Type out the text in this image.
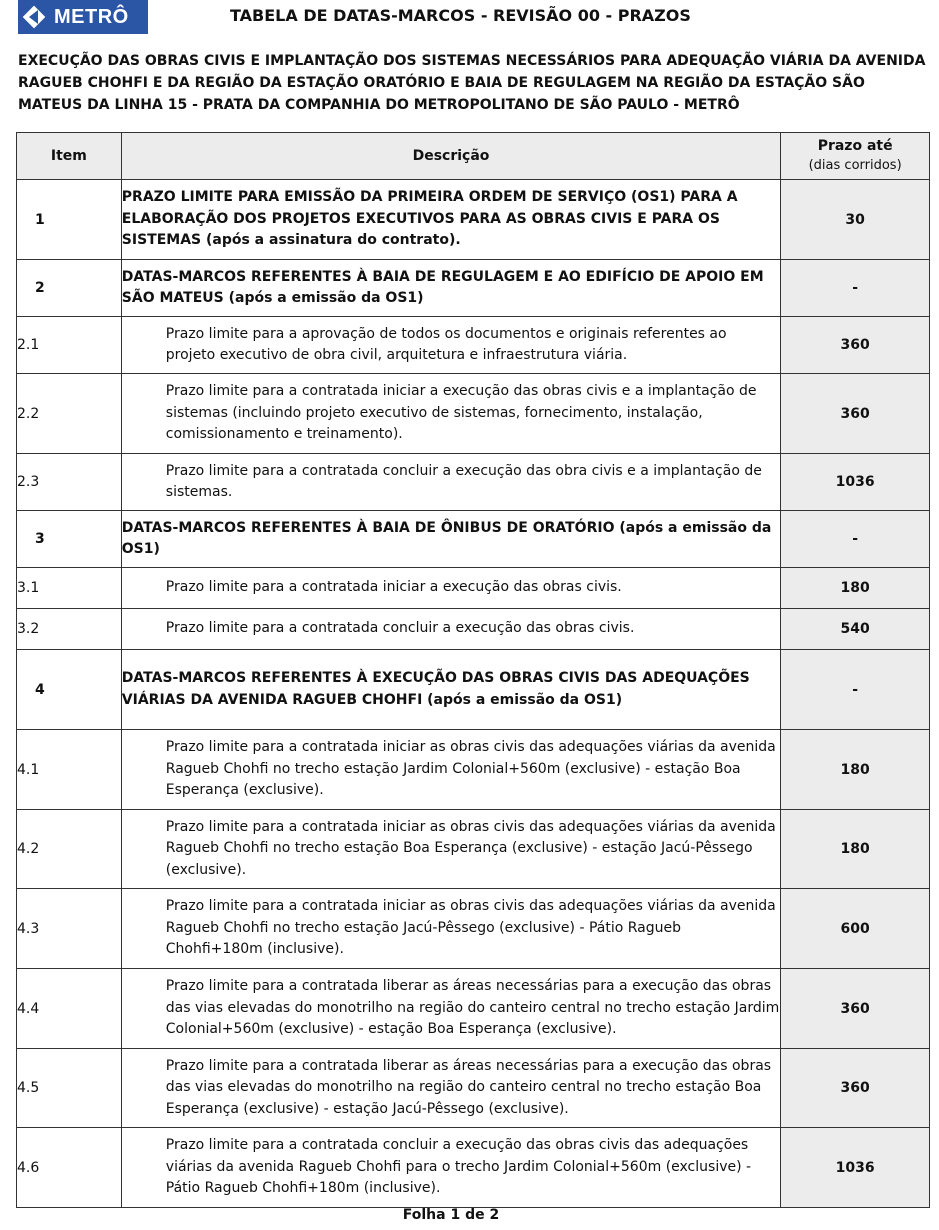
METRÔ	TABELA DE DATAS-MARCOS - REVISÃO 00 - PRAZOS
EXECUÇÃO DAS OBRAS CIVIS E IMPLANTAÇÃO DOS SISTEMAS NECESSÁRIOS PARA ADEQUAÇÃO VIÁRIA DA AVENIDA RAGUEB CHOHFI E DA REGIÃO DA ESTAÇÃO ORATÓRIO E BAIA DE REGULAGEM NA REGIÃO DA ESTAÇÃO SÃO MATEUS DA LINHA 15 - PRATA DA COMPANHIA DO METROPOLITANO DE SÃO PAULO - METRÔ
Item	Descrição	Prazo até
(dias corridos)

1	PRAZO LIMITE PARA EMISSÃO DA PRIMEIRA ORDEM DE SERVIÇO (OS1) PARA A ELABORAÇÃO DOS PROJETOS EXECUTIVOS PARA AS OBRAS CIVIS E PARA OS SISTEMAS (após a assinatura do contrato).	30
2	DATAS-MARCOS REFERENTES À BAIA DE REGULAGEM E AO EDIFÍCIO DE APOIO EM SÃO MATEUS (após a emissão da OS1)	-
2.1	Prazo limite para a aprovação de todos os documentos e originais referentes ao projeto executivo de obra civil, arquitetura e infraestrutura viária.	360
2.2	Prazo limite para a contratada iniciar a execução das obras civis e a implantação de sistemas (incluindo projeto executivo de sistemas, fornecimento, instalação, comissionamento e treinamento).	360
2.3	Prazo limite para a contratada concluir a execução das obra civis e a implantação de sistemas.	1036
3	DATAS-MARCOS REFERENTES À BAIA DE ÔNIBUS DE ORATÓRIO (após a emissão da OS1)	-
3.1	Prazo limite para a contratada iniciar a execução das obras civis.	180
3.2	Prazo limite para a contratada concluir a execução das obras civis.	540
4	DATAS-MARCOS REFERENTES À EXECUÇÃO DAS OBRAS CIVIS DAS ADEQUAÇÕES VIÁRIAS DA AVENIDA RAGUEB CHOHFI (após a emissão da OS1)	-
4.1	Prazo limite para a contratada iniciar as obras civis das adequações viárias da avenida Ragueb Chohfi no trecho estação Jardim Colonial+560m (exclusive) - estação Boa Esperança (exclusive).	180
4.2	Prazo limite para a contratada iniciar as obras civis das adequações viárias da avenida Ragueb Chohfi no trecho estação Boa Esperança (exclusive) - estação Jacú-Pêssego (exclusive).	180
4.3	Prazo limite para a contratada iniciar as obras civis das adequações viárias da avenida Ragueb Chohfi no trecho estação Jacú-Pêssego (exclusive) - Pátio Ragueb Chohfi+180m (inclusive).	600
4.4	Prazo limite para a contratada liberar as áreas necessárias para a execução das obras das vias elevadas do monotrilho na região do canteiro central no trecho estação Jardim Colonial+560m (exclusive) - estação Boa Esperança (exclusive).	360
4.5	Prazo limite para a contratada liberar as áreas necessárias para a execução das obras das vias elevadas do monotrilho na região do canteiro central no trecho estação Boa Esperança (exclusive) - estação Jacú-Pêssego (exclusive).	360
4.6	Prazo limite para a contratada concluir a execução das obras civis das adequações viárias da avenida Ragueb Chohfi para o trecho Jardim Colonial+560m (exclusive) - Pátio Ragueb Chohfi+180m (inclusive).	1036
Folha 1 de 2
